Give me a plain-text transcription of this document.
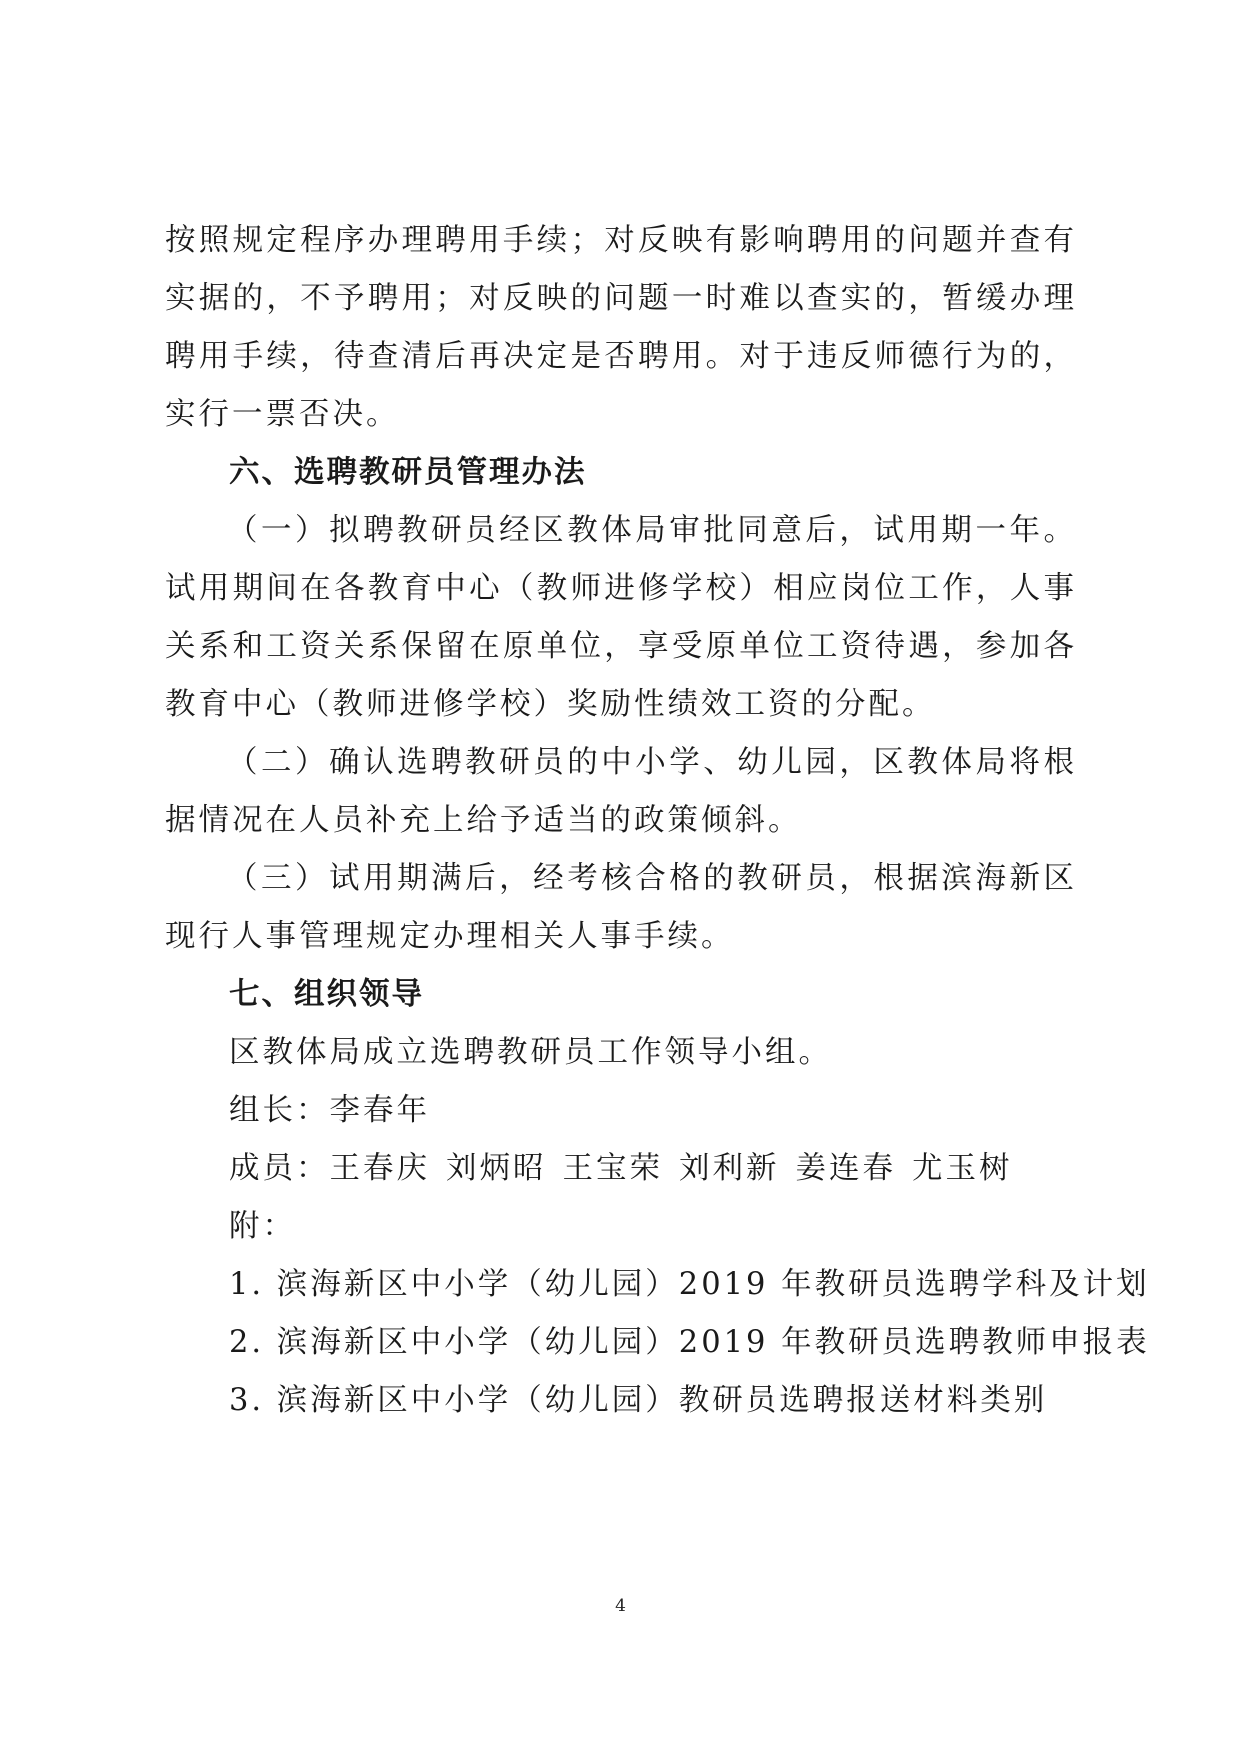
按照规定程序办理聘用手续；对反映有影响聘用的问题并查有实据的，不予聘用；对反映的问题一时难以查实的，暂缓办理聘用手续，待查清后再决定是否聘用。对于违反师德行为的，实行一票否决。

六、选聘教研员管理办法

（一）拟聘教研员经区教体局审批同意后，试用期一年。试用期间在各教育中心（教师进修学校）相应岗位工作，人事关系和工资关系保留在原单位，享受原单位工资待遇，参加各教育中心（教师进修学校）奖励性绩效工资的分配。

（二）确认选聘教研员的中小学、幼儿园，区教体局将根据情况在人员补充上给予适当的政策倾斜。

（三）试用期满后，经考核合格的教研员，根据滨海新区现行人事管理规定办理相关人事手续。

七、组织领导

区教体局成立选聘教研员工作领导小组。

组长：李春年

成员：王春庆 刘炳昭 王宝荣 刘利新 姜连春 尤玉树

附：

1. 滨海新区中小学（幼儿园）2019 年教研员选聘学科及计划

2. 滨海新区中小学（幼儿园）2019 年教研员选聘教师申报表

3. 滨海新区中小学（幼儿园）教研员选聘报送材料类别

4
